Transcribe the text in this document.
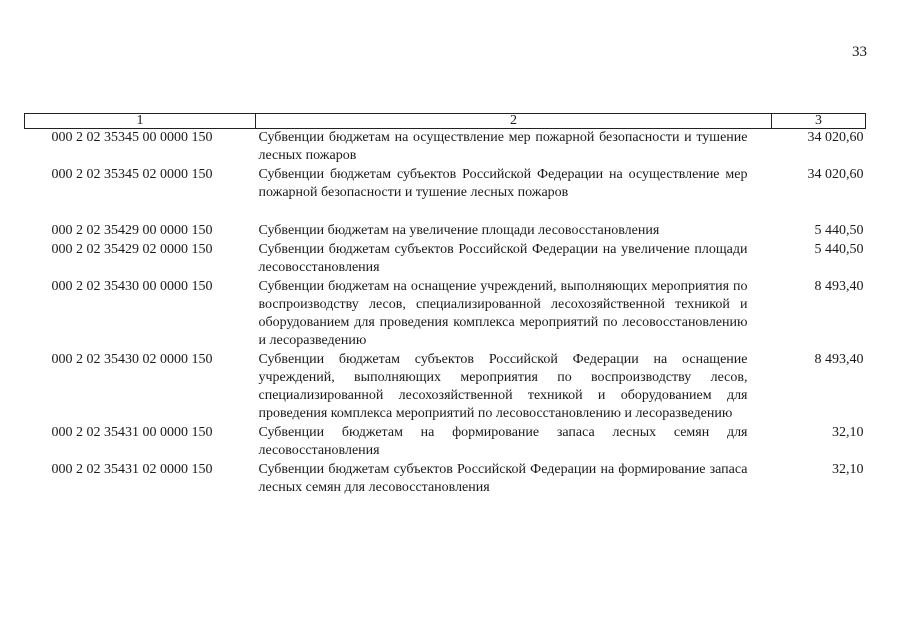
33
1	2	3
000 2 02 35345 00 0000 150	Субвенции бюджетам на осуществление мер пожарной безопасности и тушение лесных пожаров	34 020,60
000 2 02 35345 02 0000 150	Субвенции бюджетам субъектов Российской Федерации на осуществление мер пожарной безопасности и тушение лесных пожаров	34 020,60
000 2 02 35429 00 0000 150	Субвенции бюджетам на увеличение площади лесовосстановления	5 440,50
000 2 02 35429 02 0000 150	Субвенции бюджетам субъектов Российской Федерации на увеличение площади лесовосстановления	5 440,50
000 2 02 35430 00 0000 150	Субвенции бюджетам на оснащение учреждений, выполняющих мероприятия по воспроизводству лесов, специализированной лесохозяйственной техникой и оборудованием для проведения комплекса мероприятий по лесовосстановлению и лесоразведению	8 493,40
000 2 02 35430 02 0000 150	Субвенции бюджетам субъектов Российской Федерации на оснащение учреждений, выполняющих мероприятия по воспроизводству лесов, специализированной лесохозяйственной техникой и оборудованием для проведения комплекса мероприятий по лесовосстановлению и лесоразведению	8 493,40
000 2 02 35431 00 0000 150	Субвенции бюджетам на формирование запаса лесных семян для лесовосстановления	32,10
000 2 02 35431 02 0000 150	Субвенции бюджетам субъектов Российской Федерации на формирование запаса лесных семян для лесовосстановления	32,10
